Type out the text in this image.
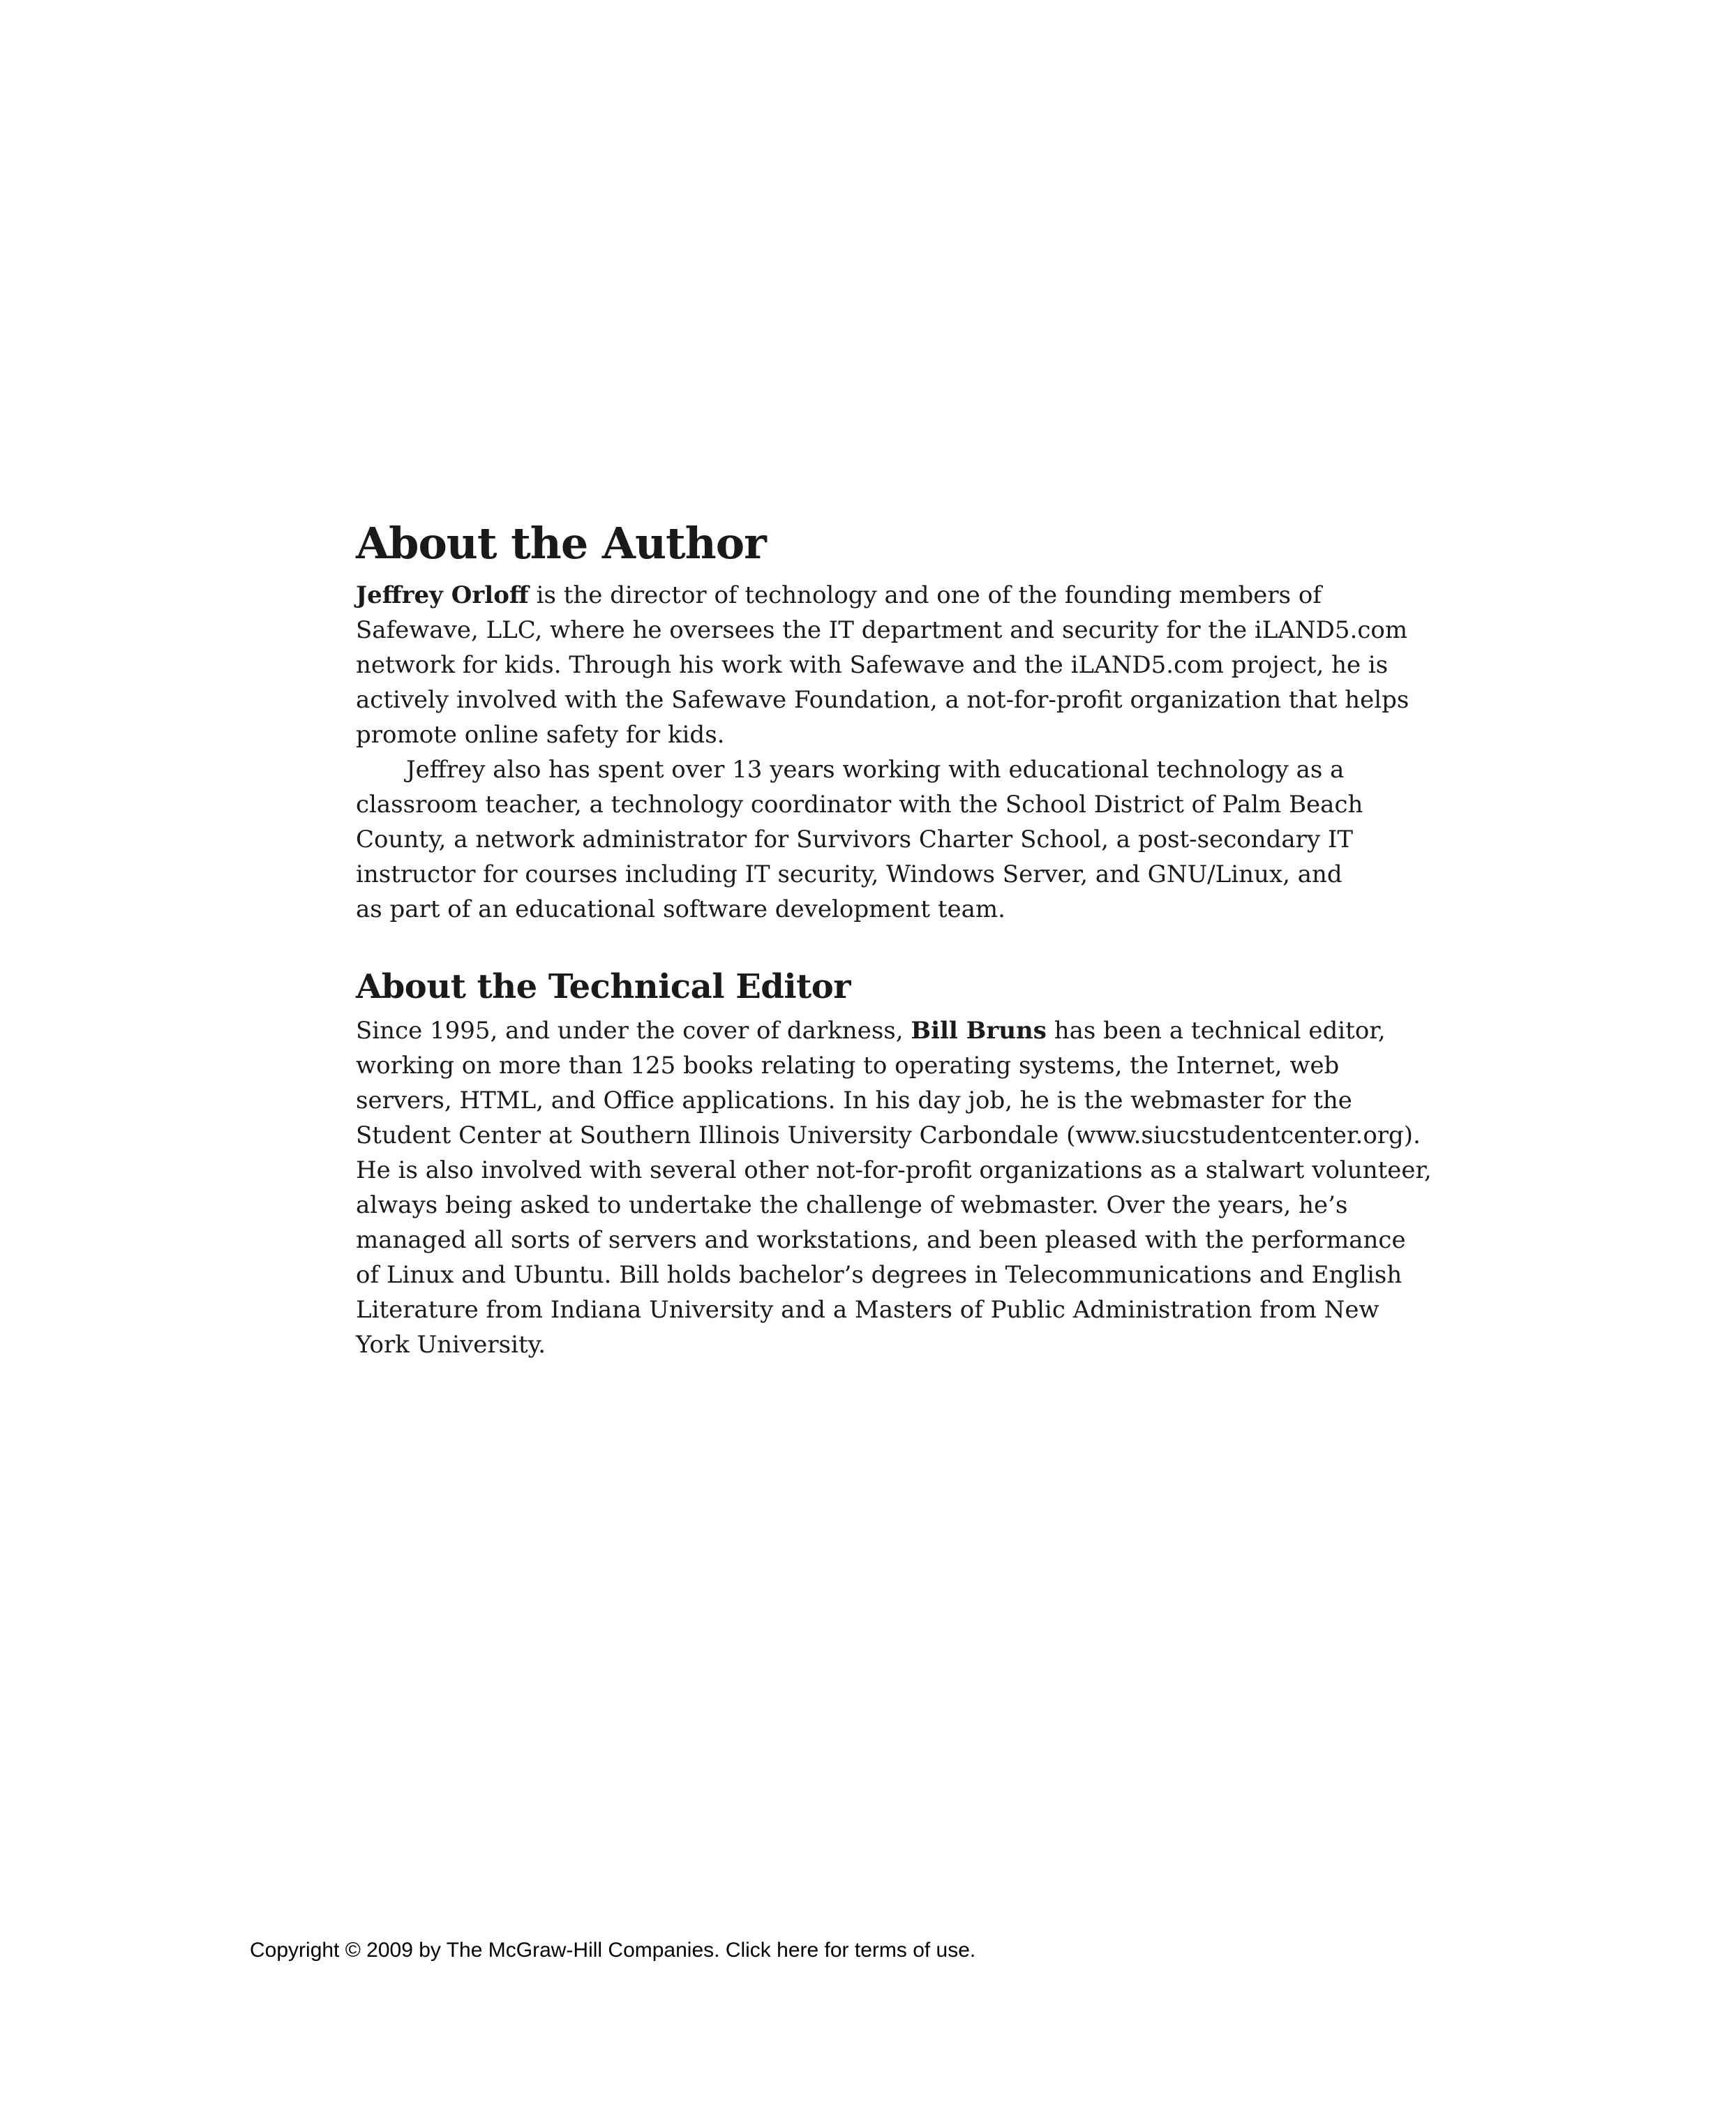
About the Author

Jeffrey Orloff is the director of technology and one of the founding members of
Safewave, LLC, where he oversees the IT department and security for the iLAND5.com
network for kids. Through his work with Safewave and the iLAND5.com project, he is
actively involved with the Safewave Foundation, a not-for-profit organization that helps
promote online safety for kids.

Jeffrey also has spent over 13 years working with educational technology as a
classroom teacher, a technology coordinator with the School District of Palm Beach
County, a network administrator for Survivors Charter School, a post-secondary IT
instructor for courses including IT security, Windows Server, and GNU/Linux, and
as part of an educational software development team.

About the Technical Editor

Since 1995, and under the cover of darkness, Bill Bruns has been a technical editor,
working on more than 125 books relating to operating systems, the Internet, web
servers, HTML, and Office applications. In his day job, he is the webmaster for the
Student Center at Southern Illinois University Carbondale (www.siucstudentcenter.org).
He is also involved with several other not-for-profit organizations as a stalwart volunteer,
always being asked to undertake the challenge of webmaster. Over the years, he’s
managed all sorts of servers and workstations, and been pleased with the performance
of Linux and Ubuntu. Bill holds bachelor’s degrees in Telecommunications and English
Literature from Indiana University and a Masters of Public Administration from New
York University.

Copyright © 2009 by The McGraw-Hill Companies. Click here for terms of use.
